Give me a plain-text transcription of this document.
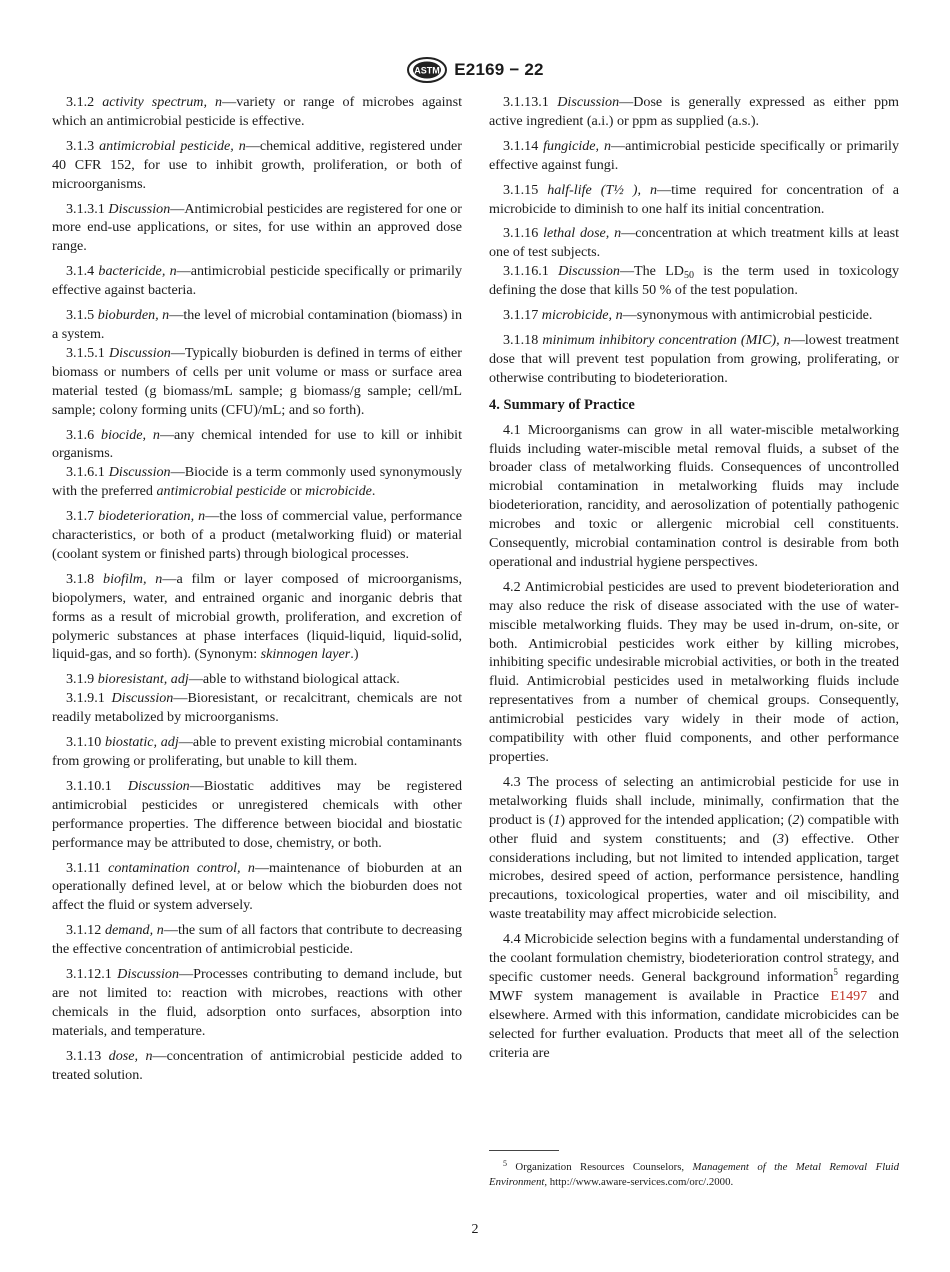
ASTM E2169 − 22

3.1.2 activity spectrum, n—variety or range of microbes against which an antimicrobial pesticide is effective.

3.1.3 antimicrobial pesticide, n—chemical additive, registered under 40 CFR 152, for use to inhibit growth, proliferation, or both of microorganisms.

3.1.3.1 Discussion—Antimicrobial pesticides are registered for one or more end-use applications, or sites, for use within an approved dose range.

3.1.4 bactericide, n—antimicrobial pesticide specifically or primarily effective against bacteria.

3.1.5 bioburden, n—the level of microbial contamination (biomass) in a system.

3.1.5.1 Discussion—Typically bioburden is defined in terms of either biomass or numbers of cells per unit volume or mass or surface area material tested (g biomass/mL sample; g biomass/g sample; cell/mL sample; colony forming units (CFU)/mL; and so forth).

3.1.6 biocide, n—any chemical intended for use to kill or inhibit organisms.

3.1.6.1 Discussion—Biocide is a term commonly used synonymously with the preferred antimicrobial pesticide or microbicide.

3.1.7 biodeterioration, n—the loss of commercial value, performance characteristics, or both of a product (metalworking fluid) or material (coolant system or finished parts) through biological processes.

3.1.8 biofilm, n—a film or layer composed of microorganisms, biopolymers, water, and entrained organic and inorganic debris that forms as a result of microbial growth, proliferation, and excretion of polymeric substances at phase interfaces (liquid-liquid, liquid-solid, liquid-gas, and so forth). (Synonym: skinnogen layer.)

3.1.9 bioresistant, adj—able to withstand biological attack.

3.1.9.1 Discussion—Bioresistant, or recalcitrant, chemicals are not readily metabolized by microorganisms.

3.1.10 biostatic, adj—able to prevent existing microbial contaminants from growing or proliferating, but unable to kill them.

3.1.10.1 Discussion—Biostatic additives may be registered antimicrobial pesticides or unregistered chemicals with other performance properties. The difference between biocidal and biostatic performance may be attributed to dose, chemistry, or both.

3.1.11 contamination control, n—maintenance of bioburden at an operationally defined level, at or below which the bioburden does not affect the fluid or system adversely.

3.1.12 demand, n—the sum of all factors that contribute to decreasing the effective concentration of antimicrobial pesticide.

3.1.12.1 Discussion—Processes contributing to demand include, but are not limited to: reaction with microbes, reactions with other chemicals in the fluid, adsorption onto surfaces, absorption into materials, and temperature.

3.1.13 dose, n—concentration of antimicrobial pesticide added to treated solution.

3.1.13.1 Discussion—Dose is generally expressed as either ppm active ingredient (a.i.) or ppm as supplied (a.s.).

3.1.14 fungicide, n—antimicrobial pesticide specifically or primarily effective against fungi.

3.1.15 half-life (T½ ), n—time required for concentration of a microbicide to diminish to one half its initial concentration.

3.1.16 lethal dose, n—concentration at which treatment kills at least one of test subjects.

3.1.16.1 Discussion—The $LD_{50}$ is the term used in toxicology defining the dose that kills 50 % of the test population.

3.1.17 microbicide, n—synonymous with antimicrobial pesticide.

3.1.18 minimum inhibitory concentration (MIC), n—lowest treatment dose that will prevent test population from growing, proliferating, or otherwise contributing to biodeterioration.

4. Summary of Practice

4.1 Microorganisms can grow in all water-miscible metalworking fluids including water-miscible metal removal fluids, a subset of the broader class of metalworking fluids. Consequences of uncontrolled microbial contamination in metalworking fluids may include biodeterioration, rancidity, and aerosolization of potentially pathogenic microbes and toxic or allergenic microbial cell constituents. Consequently, microbial contamination control is desirable from both operational and industrial hygiene perspectives.

4.2 Antimicrobial pesticides are used to prevent biodeterioration and may also reduce the risk of disease associated with the use of water-miscible metalworking fluids. They may be used in-drum, on-site, or both. Antimicrobial pesticides work either by killing microbes, inhibiting specific undesirable microbial activities, or both in the treated fluid. Antimicrobial pesticides used in metalworking fluids include representatives from a number of chemical groups. Consequently, antimicrobial pesticides vary widely in their mode of action, compatibility with other fluid components, and other performance properties.

4.3 The process of selecting an antimicrobial pesticide for use in metalworking fluids shall include, minimally, confirmation that the product is (1) approved for the intended application; (2) compatible with other fluid and system constituents; and (3) effective. Other considerations including, but not limited to intended application, target microbes, desired speed of action, performance persistence, handling precautions, toxicological properties, water and oil miscibility, and waste treatability may affect microbicide selection.

4.4 Microbicide selection begins with a fundamental understanding of the coolant formulation chemistry, biodeterioration control strategy, and specific customer needs. General background information$^5$ regarding MWF system management is available in Practice E1497 and elsewhere. Armed with this information, candidate microbicides can be selected for further evaluation. Products that meet all of the selection criteria are

$^5$ Organization Resources Counselors, Management of the Metal Removal Fluid Environment, http://www.aware-services.com/orc/.2000.

2
